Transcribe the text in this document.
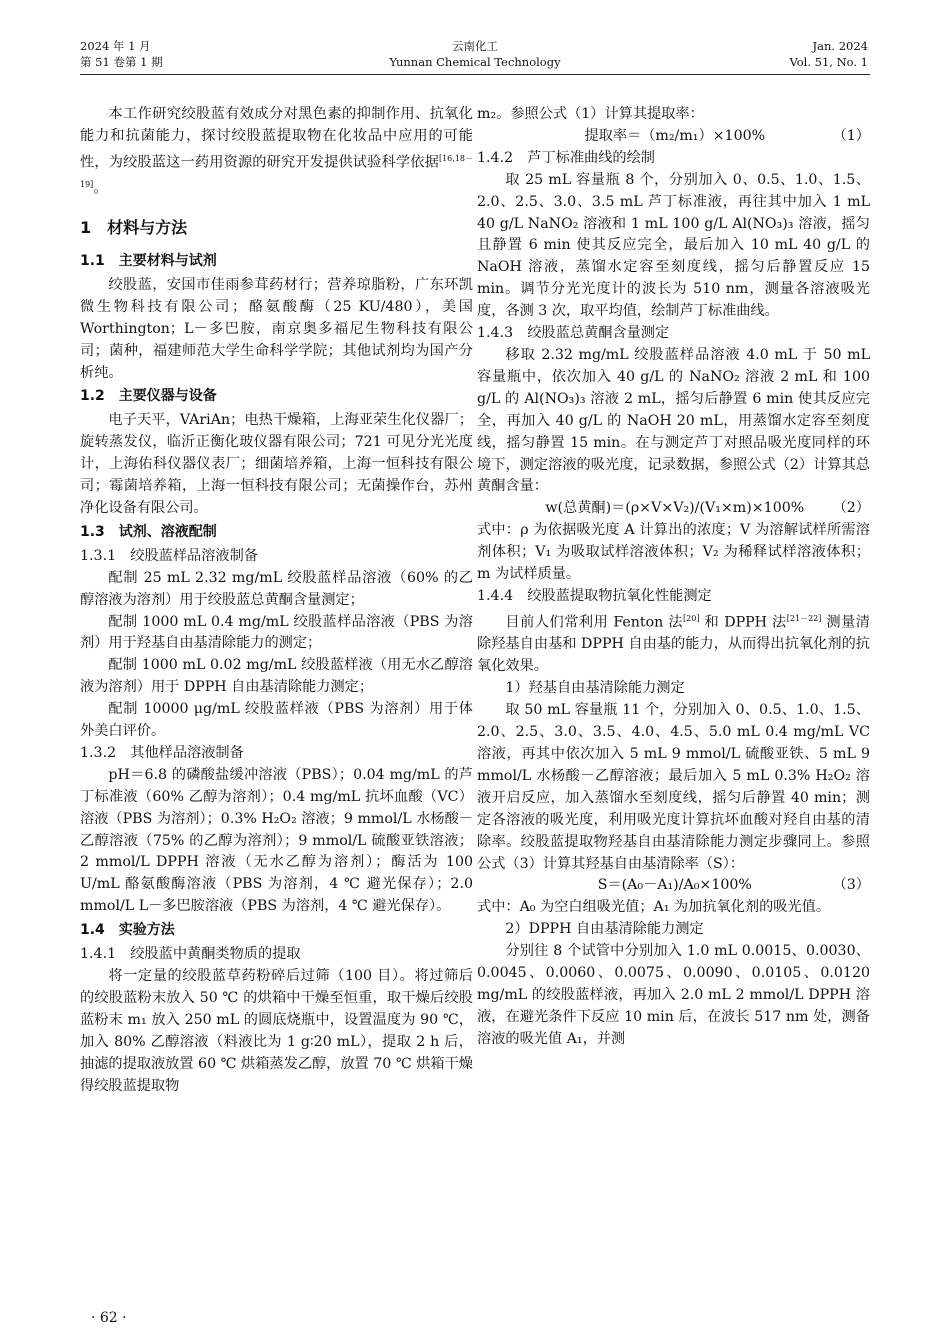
2024 年 1 月
第 51 卷第 1 期
云南化工
Yunnan Chemical Technology
Jan. 2024
Vol. 51, No. 1

本工作研究绞股蓝有效成分对黑色素的抑制作用、抗氧化能力和抗菌能力，探讨绞股蓝提取物在化妆品中应用的可能性，为绞股蓝这一药用资源的研究开发提供试验科学依据[16,18－19]。

1　材料与方法
1.1　主要材料与试剂

绞股蓝，安国市佳雨参茸药材行；营养琼脂粉，广东环凯微生物科技有限公司；酪氨酸酶（25 KU/480），美国 Worthington；L－多巴胺，南京奥多福尼生物科技有限公司；菌种，福建师范大学生命科学学院；其他试剂均为国产分析纯。

1.2　主要仪器与设备

电子天平，VAriAn；电热干燥箱，上海亚荣生化仪器厂；旋转蒸发仪，临沂正衡化玻仪器有限公司；721 可见分光光度计，上海佑科仪器仪表厂；细菌培养箱，上海一恒科技有限公司；霉菌培养箱，上海一恒科技有限公司；无菌操作台，苏州净化设备有限公司。

1.3　试剂、溶液配制
1.3.1　绞股蓝样品溶液制备

配制 25 mL 2.32 mg/mL 绞股蓝样品溶液（60% 的乙醇溶液为溶剂）用于绞股蓝总黄酮含量测定；

配制 1000 mL 0.4 mg/mL 绞股蓝样品溶液（PBS 为溶剂）用于羟基自由基清除能力的测定；

配制 1000 mL 0.02 mg/mL 绞股蓝样液（用无水乙醇溶液为溶剂）用于 DPPH 自由基清除能力测定；

配制 10000 μg/mL 绞股蓝样液（PBS 为溶剂）用于体外美白评价。

1.3.2　其他样品溶液制备

pH＝6.8 的磷酸盐缓冲溶液（PBS）；0.04 mg/mL 的芦丁标准液（60% 乙醇为溶剂）；0.4 mg/mL 抗坏血酸（VC）溶液（PBS 为溶剂）；0.3% H₂O₂ 溶液；9 mmol/L 水杨酸－乙醇溶液（75% 的乙醇为溶剂）；9 mmol/L 硫酸亚铁溶液；2 mmol/L DPPH 溶液（无水乙醇为溶剂）；酶活为 100 U/mL 酪氨酸酶溶液（PBS 为溶剂，4 ℃ 避光保存）；2.0 mmol/L L－多巴胺溶液（PBS 为溶剂，4 ℃ 避光保存）。

1.4　实验方法
1.4.1　绞股蓝中黄酮类物质的提取

将一定量的绞股蓝草药粉碎后过筛（100 目）。将过筛后的绞股蓝粉末放入 50 ℃ 的烘箱中干燥至恒重，取干燥后绞股蓝粉末 m₁ 放入 250 mL 的圆底烧瓶中，设置温度为 90 ℃，加入 80% 乙醇溶液（料液比为 1 g∶20 mL），提取 2 h 后，抽滤的提取液放置 60 ℃ 烘箱蒸发乙醇，放置 70 ℃ 烘箱干燥得绞股蓝提取物

m₂。参照公式（1）计算其提取率：

提取率＝（m₂/m₁）×100%	（1）
1.4.2　芦丁标准曲线的绘制

取 25 mL 容量瓶 8 个，分别加入 0、0.5、1.0、1.5、2.0、2.5、3.0、3.5 mL 芦丁标准液，再往其中加入 1 mL 40 g/L NaNO₂ 溶液和 1 mL 100 g/L Al(NO₃)₃ 溶液，摇匀且静置 6 min 使其反应完全，最后加入 10 mL 40 g/L 的 NaOH 溶液，蒸馏水定容至刻度线，摇匀后静置反应 15 min。调节分光光度计的波长为 510 nm，测量各溶液吸光度，各测 3 次，取平均值，绘制芦丁标准曲线。

1.4.3　绞股蓝总黄酮含量测定

移取 2.32 mg/mL 绞股蓝样品溶液 4.0 mL 于 50 mL 容量瓶中，依次加入 40 g/L 的 NaNO₂ 溶液 2 mL 和 100 g/L 的 Al(NO₃)₃ 溶液 2 mL，摇匀后静置 6 min 使其反应完全，再加入 40 g/L 的 NaOH 20 mL，用蒸馏水定容至刻度线，摇匀静置 15 min。在与测定芦丁对照品吸光度同样的环境下，测定溶液的吸光度，记录数据，参照公式（2）计算其总黄酮含量：

w(总黄酮)＝(ρ×V×V₂)/(V₁×m)×100%	（2）

式中：ρ 为依据吸光度 A 计算出的浓度；V 为溶解试样所需溶剂体积；V₁ 为吸取试样溶液体积；V₂ 为稀释试样溶液体积；m 为试样质量。

1.4.4　绞股蓝提取物抗氧化性能测定

目前人们常利用 Fenton 法[20] 和 DPPH 法[21－22] 测量清除羟基自由基和 DPPH 自由基的能力，从而得出抗氧化剂的抗氧化效果。

1）羟基自由基清除能力测定

取 50 mL 容量瓶 11 个，分别加入 0、0.5、1.0、1.5、2.0、2.5、3.0、3.5、4.0、4.5、5.0 mL 0.4 mg/mL VC 溶液，再其中依次加入 5 mL 9 mmol/L 硫酸亚铁、5 mL 9 mmol/L 水杨酸－乙醇溶液；最后加入 5 mL 0.3% H₂O₂ 溶液开启反应，加入蒸馏水至刻度线，摇匀后静置 40 min；测定各溶液的吸光度，利用吸光度计算抗坏血酸对羟自由基的清除率。绞股蓝提取物羟基自由基清除能力测定步骤同上。参照公式（3）计算其羟基自由基清除率（S）：

S＝(A₀－A₁)/A₀×100%	（3）

式中：A₀ 为空白组吸光值；A₁ 为加抗氧化剂的吸光值。

2）DPPH 自由基清除能力测定

分别往 8 个试管中分别加入 1.0 mL 0.0015、0.0030、0.0045、0.0060、0.0075、0.0090、0.0105、0.0120 mg/mL 的绞股蓝样液，再加入 2.0 mL 2 mmol/L DPPH 溶液，在避光条件下反应 10 min 后，在波长 517 nm 处，测备溶液的吸光值 A₁，并测

· 62 ·
